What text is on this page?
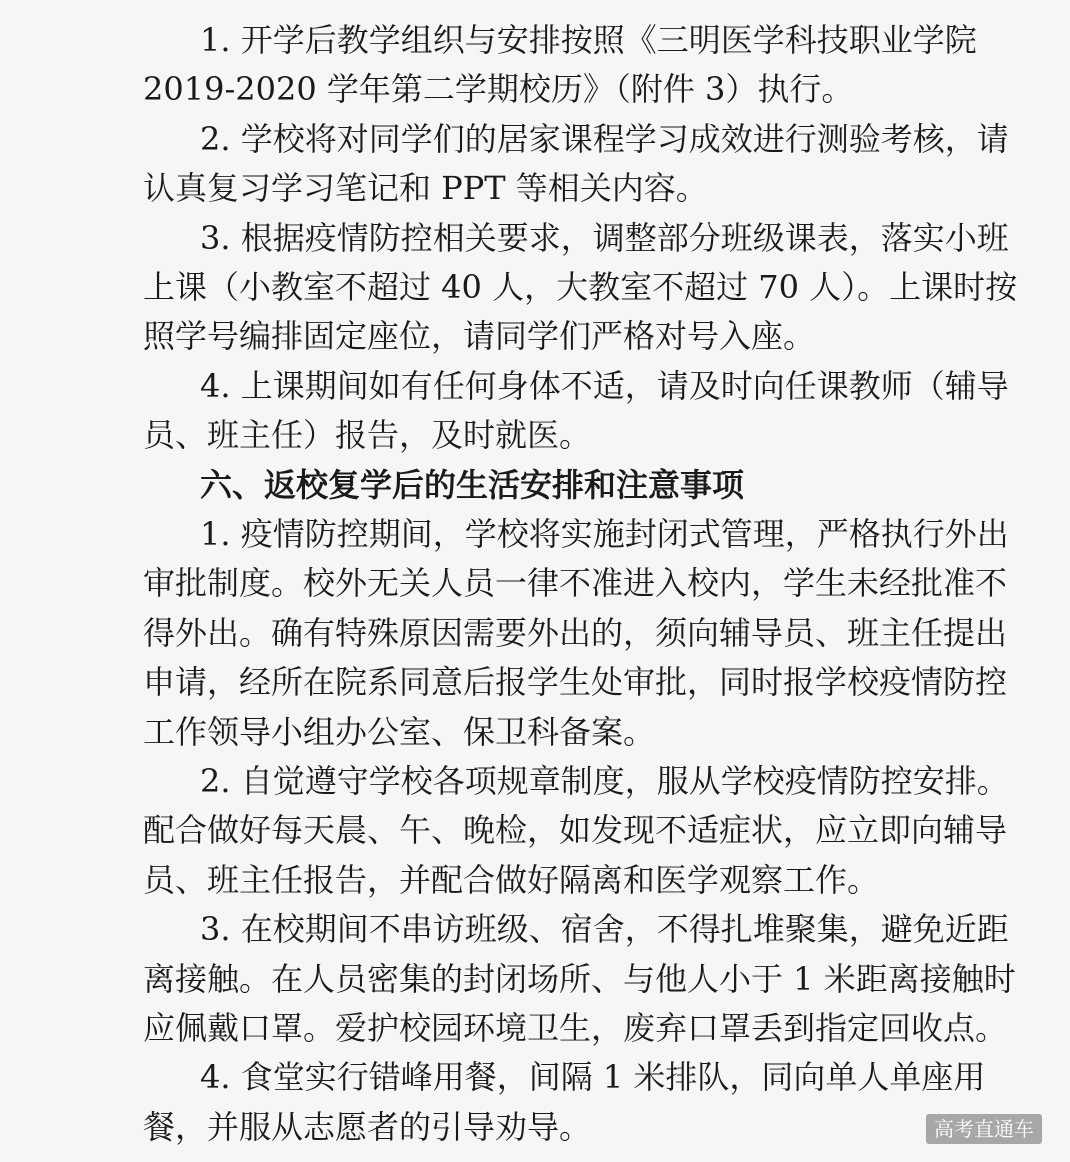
1. 开学后教学组织与安排按照《三明医学科技职业学院
2019-2020 学年第二学期校历》（附件 3）执行。
2. 学校将对同学们的居家课程学习成效进行测验考核，请
认真复习学习笔记和 PPT 等相关内容。
3. 根据疫情防控相关要求，调整部分班级课表，落实小班
上课（小教室不超过 40 人，大教室不超过 70 人）。上课时按
照学号编排固定座位，请同学们严格对号入座。
4. 上课期间如有任何身体不适，请及时向任课教师（辅导
员、班主任）报告，及时就医。
六、返校复学后的生活安排和注意事项
1. 疫情防控期间，学校将实施封闭式管理，严格执行外出
审批制度。校外无关人员一律不准进入校内，学生未经批准不
得外出。确有特殊原因需要外出的，须向辅导员、班主任提出
申请，经所在院系同意后报学生处审批，同时报学校疫情防控
工作领导小组办公室、保卫科备案。
2. 自觉遵守学校各项规章制度，服从学校疫情防控安排。
配合做好每天晨、午、晚检，如发现不适症状，应立即向辅导
员、班主任报告，并配合做好隔离和医学观察工作。
3. 在校期间不串访班级、宿舍，不得扎堆聚集，避免近距
离接触。在人员密集的封闭场所、与他人小于 1 米距离接触时
应佩戴口罩。爱护校园环境卫生，废弃口罩丢到指定回收点。
4. 食堂实行错峰用餐，间隔 1 米排队，同向单人单座用
餐，并服从志愿者的引导劝导。	高考直通车
